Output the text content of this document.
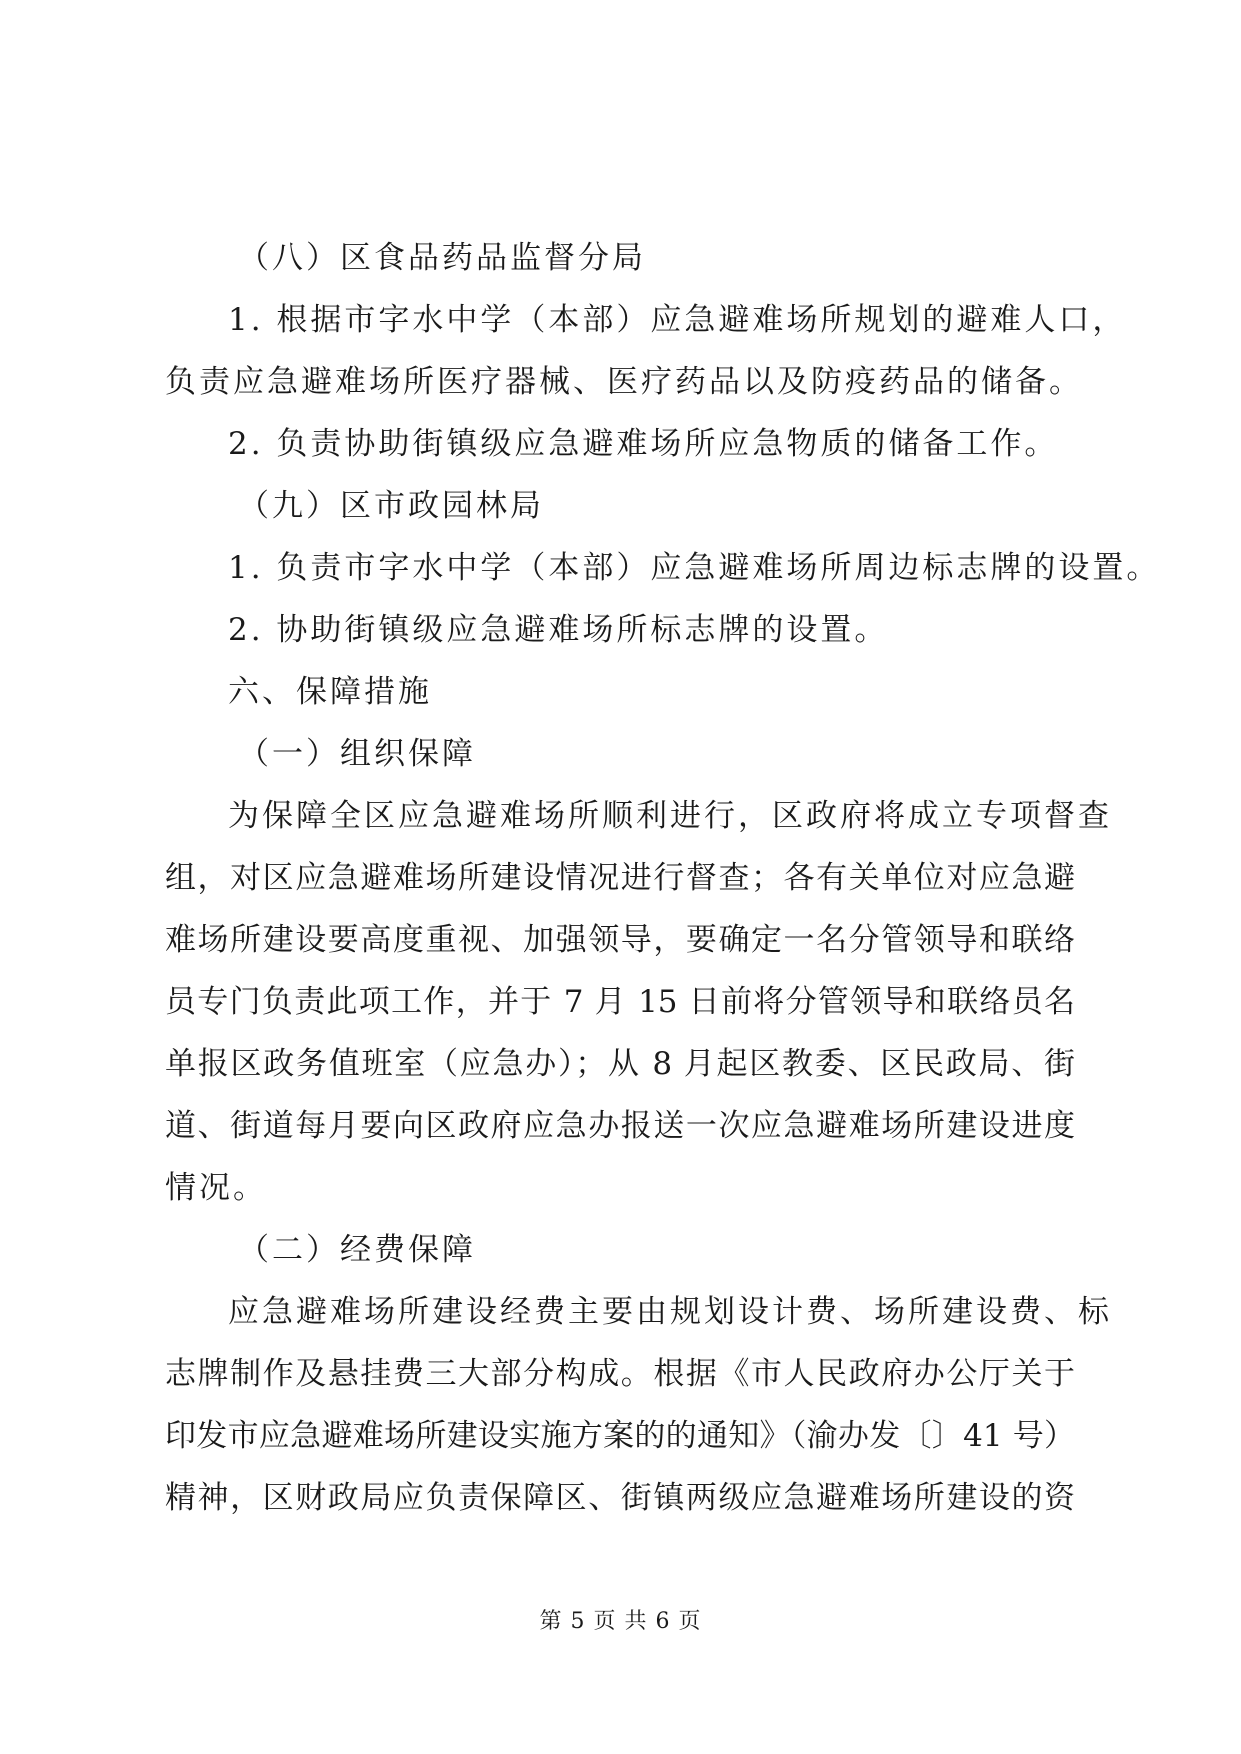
（八）区食品药品监督分局
1. 根据市字水中学（本部）应急避难场所规划的避难人口，
负责应急避难场所医疗器械、医疗药品以及防疫药品的储备。
2. 负责协助街镇级应急避难场所应急物质的储备工作。
（九）区市政园林局
1. 负责市字水中学（本部）应急避难场所周边标志牌的设置。
2. 协助街镇级应急避难场所标志牌的设置。
六、保障措施
（一）组织保障
为保障全区应急避难场所顺利进行，区政府将成立专项督查
组，对区应急避难场所建设情况进行督查；各有关单位对应急避
难场所建设要高度重视、加强领导，要确定一名分管领导和联络
员专门负责此项工作，并于 7 月 15 日前将分管领导和联络员名
单报区政务值班室（应急办）；从 8 月起区教委、区民政局、街
道、街道每月要向区政府应急办报送一次应急避难场所建设进度
情况。
（二）经费保障
应急避难场所建设经费主要由规划设计费、场所建设费、标
志牌制作及悬挂费三大部分构成。根据《市人民政府办公厅关于
印发市应急避难场所建设实施方案的的通知》（渝办发〔〕41 号）
精神，区财政局应负责保障区、街镇两级应急避难场所建设的资
第 5 页 共 6 页
